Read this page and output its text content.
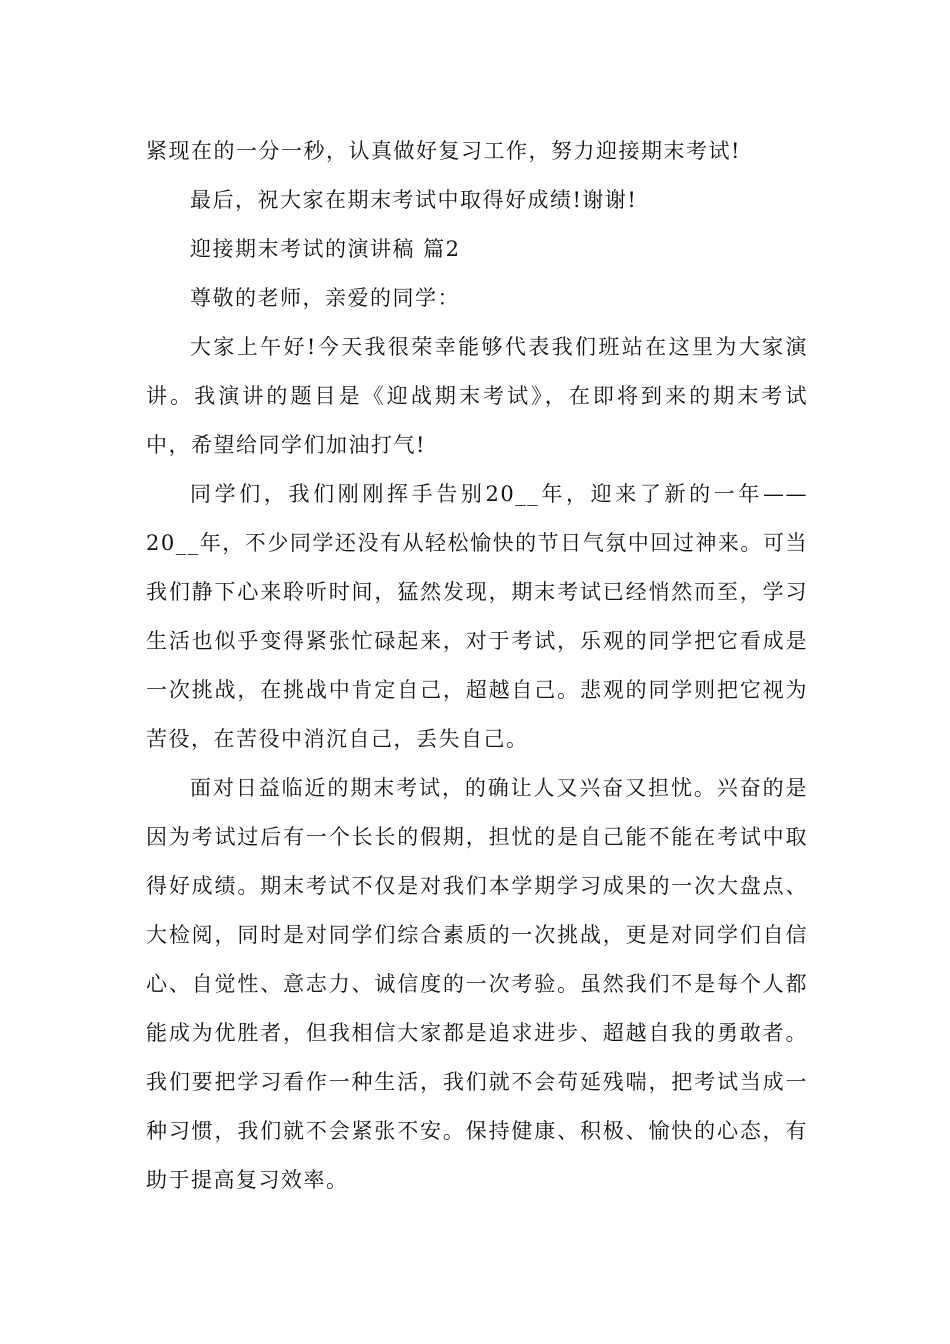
紧现在的一分一秒，认真做好复习工作，努力迎接期末考试!

最后，祝大家在期末考试中取得好成绩!谢谢!

迎接期末考试的演讲稿 篇2

尊敬的老师，亲爱的同学：

大家上午好!今天我很荣幸能够代表我们班站在这里为大家演讲。我演讲的题目是《迎战期末考试》，在即将到来的期末考试中，希望给同学们加油打气!

同学们，我们刚刚挥手告别20__年，迎来了新的一年——20__年，不少同学还没有从轻松愉快的节日气氛中回过神来。可当我们静下心来聆听时间，猛然发现，期末考试已经悄然而至，学习生活也似乎变得紧张忙碌起来，对于考试，乐观的同学把它看成是一次挑战，在挑战中肯定自己，超越自己。悲观的同学则把它视为苦役，在苦役中消沉自己，丢失自己。

面对日益临近的期末考试，的确让人又兴奋又担忧。兴奋的是因为考试过后有一个长长的假期，担忧的是自己能不能在考试中取得好成绩。期末考试不仅是对我们本学期学习成果的一次大盘点、大检阅，同时是对同学们综合素质的一次挑战，更是对同学们自信心、自觉性、意志力、诚信度的一次考验。虽然我们不是每个人都能成为优胜者，但我相信大家都是追求进步、超越自我的勇敢者。我们要把学习看作一种生活，我们就不会苟延残喘，把考试当成一种习惯，我们就不会紧张不安。保持健康、积极、愉快的心态，有助于提高复习效率。
